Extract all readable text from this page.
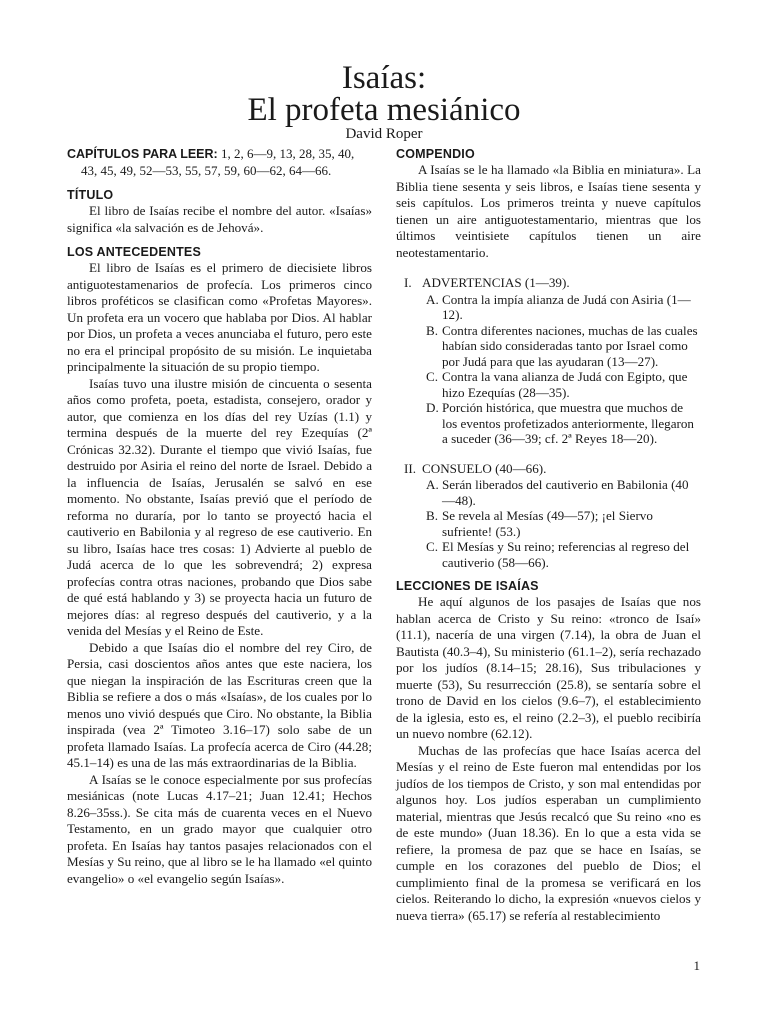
Isaías:
El profeta mesiánico
David Roper
CAPÍTULOS PARA LEER: 1, 2, 6—9, 13, 28, 35, 40, 43, 45, 49, 52—53, 55, 57, 59, 60—62, 64—66.
TÍTULO

El libro de Isaías recibe el nombre del autor. «Isaías» significa «la salvación es de Jehová».

LOS ANTECEDENTES

El libro de Isaías es el primero de diecisiete libros antiguotestamenarios de profecía. Los primeros cinco libros proféticos se clasifican como «Profetas Mayores». Un profeta era un vocero que hablaba por Dios. Al hablar por Dios, un profeta a veces anunciaba el futuro, pero este no era el principal propósito de su misión. Le inquietaba principalmente la situación de su propio tiempo.

Isaías tuvo una ilustre misión de cincuenta o sesenta años como profeta, poeta, estadista, consejero, orador y autor, que comienza en los días del rey Uzías (1.1) y termina después de la muerte del rey Ezequías (2ª Crónicas 32.32). Durante el tiempo que vivió Isaías, fue destruido por Asiria el reino del norte de Israel. Debido a la influencia de Isaías, Jerusalén se salvó en ese momento. No obstante, Isaías previó que el período de reforma no duraría, por lo tanto se proyectó hacia el cautiverio en Babilonia y al regreso de ese cautiverio. En su libro, Isaías hace tres cosas: 1) Advierte al pueblo de Judá acerca de lo que les sobrevendrá; 2) expresa profecías contra otras naciones, probando que Dios sabe de qué está hablando y 3) se proyecta hacia un futuro de mejores días: al regreso después del cautiverio, y a la venida del Mesías y el Reino de Este.

Debido a que Isaías dio el nombre del rey Ciro, de Persia, casi doscientos años antes que este naciera, los que niegan la inspiración de las Escrituras creen que la Biblia se refiere a dos o más «Isaías», de los cuales por lo menos uno vivió después que Ciro. No obstante, la Biblia inspirada (vea 2ª Timoteo 3.16–17) solo sabe de un profeta llamado Isaías. La profecía acerca de Ciro (44.28; 45.1–14) es una de las más extraordinarias de la Biblia.

A Isaías se le conoce especialmente por sus profecías mesiánicas (note Lucas 4.17–21; Juan 12.41; Hechos 8.26–35ss.). Se cita más de cuarenta veces en el Nuevo Testamento, en un grado mayor que cualquier otro profeta. En Isaías hay tantos pasajes relacionados con el Mesías y Su reino, que al libro se le ha llamado «el quinto evangelio» o «el evangelio según Isaías».

COMPENDIO

A Isaías se le ha llamado «la Biblia en miniatura». La Biblia tiene sesenta y seis libros, e Isaías tiene sesenta y seis capítulos. Los primeros treinta y nueve capítulos tienen un aire antiguotestamentario, mientras que los últimos veintisiete capítulos tienen un aire neotestamentario.

I. ADVERTENCIAS (1—39).
A. Contra la impía alianza de Judá con Asiria (1—12).
B. Contra diferentes naciones, muchas de las cuales habían sido consideradas tanto por Israel como por Judá para que las ayudaran (13—27).
C. Contra la vana alianza de Judá con Egipto, que hizo Ezequías (28—35).
D. Porción histórica, que muestra que muchos de los eventos profetizados anteriormente, llegaron a suceder (36—39; cf. 2ª Reyes 18—20).
II. CONSUELO (40—66).
A. Serán liberados del cautiverio en Babilonia (40—48).
B. Se revela al Mesías (49—57); ¡el Siervo sufriente! (53.)
C. El Mesías y Su reino; referencias al regreso del cautiverio (58—66).
LECCIONES DE ISAÍAS

He aquí algunos de los pasajes de Isaías que nos hablan acerca de Cristo y Su reino: «tronco de Isaí» (11.1), nacería de una virgen (7.14), la obra de Juan el Bautista (40.3–4), Su ministerio (61.1–2), sería rechazado por los judíos (8.14–15; 28.16), Sus tribulaciones y muerte (53), Su resurrección (25.8), se sentaría sobre el trono de David en los cielos (9.6–7), el establecimiento de la iglesia, esto es, el reino (2.2–3), el pueblo recibiría un nuevo nombre (62.12).

Muchas de las profecías que hace Isaías acerca del Mesías y el reino de Este fueron mal entendidas por los judíos de los tiempos de Cristo, y son mal entendidas por algunos hoy. Los judíos esperaban un cumplimiento material, mientras que Jesús recalcó que Su reino «no es de este mundo» (Juan 18.36). En lo que a esta vida se refiere, la promesa de paz que se hace en Isaías, se cumple en los corazones del pueblo de Dios; el cumplimiento final de la promesa se verificará en los cielos. Reiterando lo dicho, la expresión «nuevos cielos y nueva tierra» (65.17) se refería al restablecimiento

1
